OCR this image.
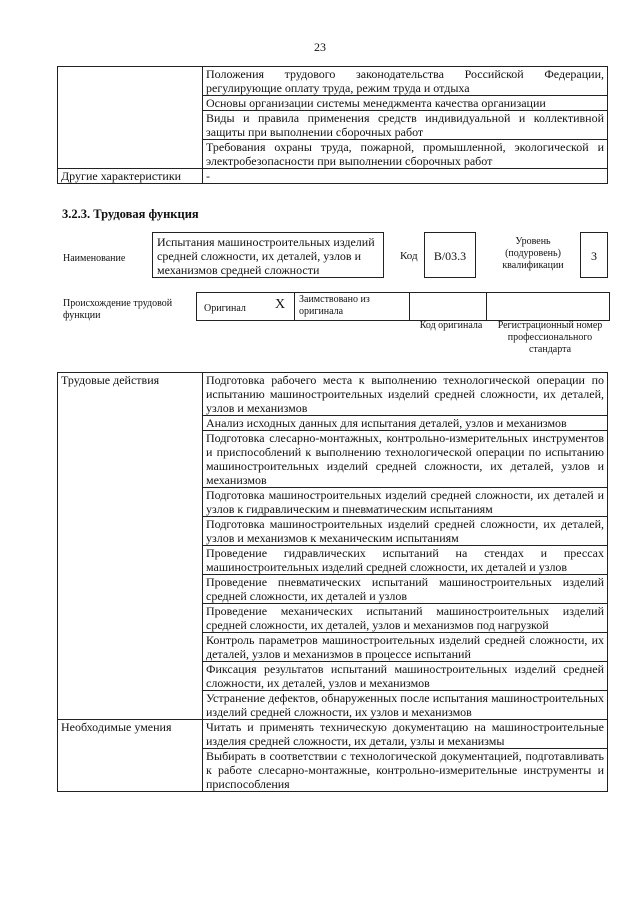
23
	Положения трудового законодательства Российской Федерации, регулирующие оплату труда, режим труда и отдыха
	Основы организации системы менеджмента качества организации
	Виды и правила применения средств индивидуальной и коллективной защиты при выполнении сборочных работ
	Требования охраны труда, пожарной, промышленной, экологической и электробезопасности при выполнении сборочных работ
Другие характеристики	-
3.2.3. Трудовая функция
Наименование
Испытания машиностроительных изделий средней сложности, их деталей, узлов и механизмов средней сложности
Код	B/03.3
Уровень (подуровень) квалификации
3
Происхождение трудовой функции
Оригинал X Заимствовано из оригинала
Код оригинала	Регистрационный номер профессионального стандарта
Трудовые действия	Подготовка рабочего места к выполнению технологической операции по испытанию машиностроительных изделий средней сложности, их деталей, узлов и механизмов
	Анализ исходных данных для испытания деталей, узлов и механизмов
	Подготовка слесарно-монтажных, контрольно-измерительных инструментов и приспособлений к выполнению технологической операции по испытанию машиностроительных изделий средней сложности, их деталей, узлов и механизмов
	Подготовка машиностроительных изделий средней сложности, их деталей и узлов к гидравлическим и пневматическим испытаниям
	Подготовка машиностроительных изделий средней сложности, их деталей, узлов и механизмов к механическим испытаниям
	Проведение гидравлических испытаний на стендах и прессах машиностроительных изделий средней сложности, их деталей и узлов
	Проведение пневматических испытаний машиностроительных изделий средней сложности, их деталей и узлов
	Проведение механических испытаний машиностроительных изделий средней сложности, их деталей, узлов и механизмов под нагрузкой
	Контроль параметров машиностроительных изделий средней сложности, их деталей, узлов и механизмов в процессе испытаний
	Фиксация результатов испытаний машиностроительных изделий средней сложности, их деталей, узлов и механизмов
	Устранение дефектов, обнаруженных после испытания машиностроительных изделий средней сложности, их узлов и механизмов
Необходимые умения	Читать и применять техническую документацию на машиностроительные изделия средней сложности, их детали, узлы и механизмы
	Выбирать в соответствии с технологической документацией, подготавливать к работе слесарно-монтажные, контрольно-измерительные инструменты и приспособления
